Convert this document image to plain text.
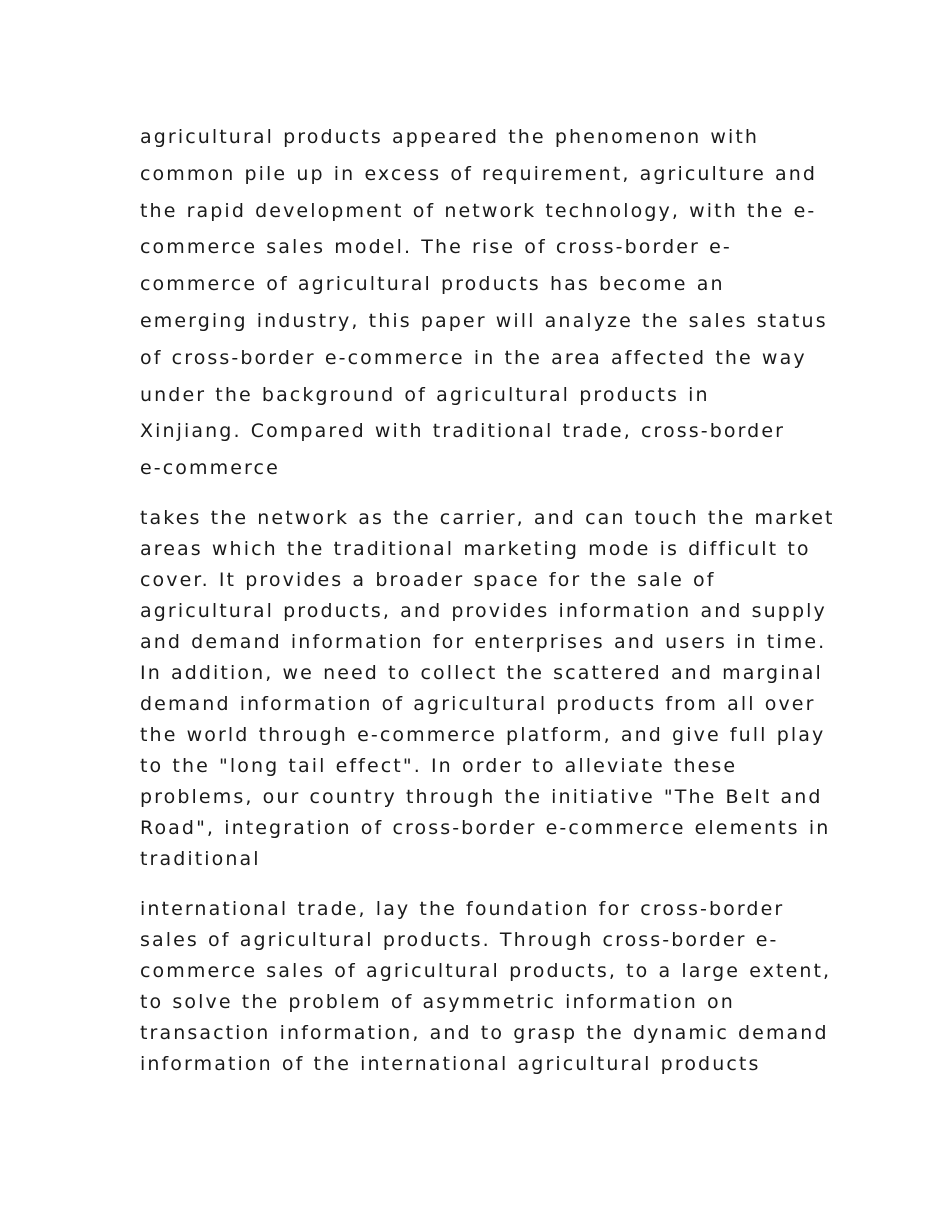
agricultural products appeared the phenomenon with
common pile up in excess of requirement, agriculture and
the rapid development of network technology, with the e-
commerce sales model. The rise of cross-border e-
commerce of agricultural products has become an
emerging industry, this paper will analyze the sales status
of cross-border e-commerce in the area affected the way
under the background of agricultural products in
Xinjiang. Compared with traditional trade, cross-border
e-commerce
takes the network as the carrier, and can touch the market
areas which the traditional marketing mode is difficult to
cover. It provides a broader space for the sale of
agricultural products, and provides information and supply
and demand information for enterprises and users in time.
In addition, we need to collect the scattered and marginal
demand information of agricultural products from all over
the world through e-commerce platform, and give full play
to the "long tail effect". In order to alleviate these
problems, our country through the initiative "The Belt and
Road", integration of cross-border e-commerce elements in
traditional
international trade, lay the foundation for cross-border
sales of agricultural products. Through cross-border e-
commerce sales of agricultural products, to a large extent,
to solve the problem of asymmetric information on
transaction information, and to grasp the dynamic demand
information of the international agricultural products
